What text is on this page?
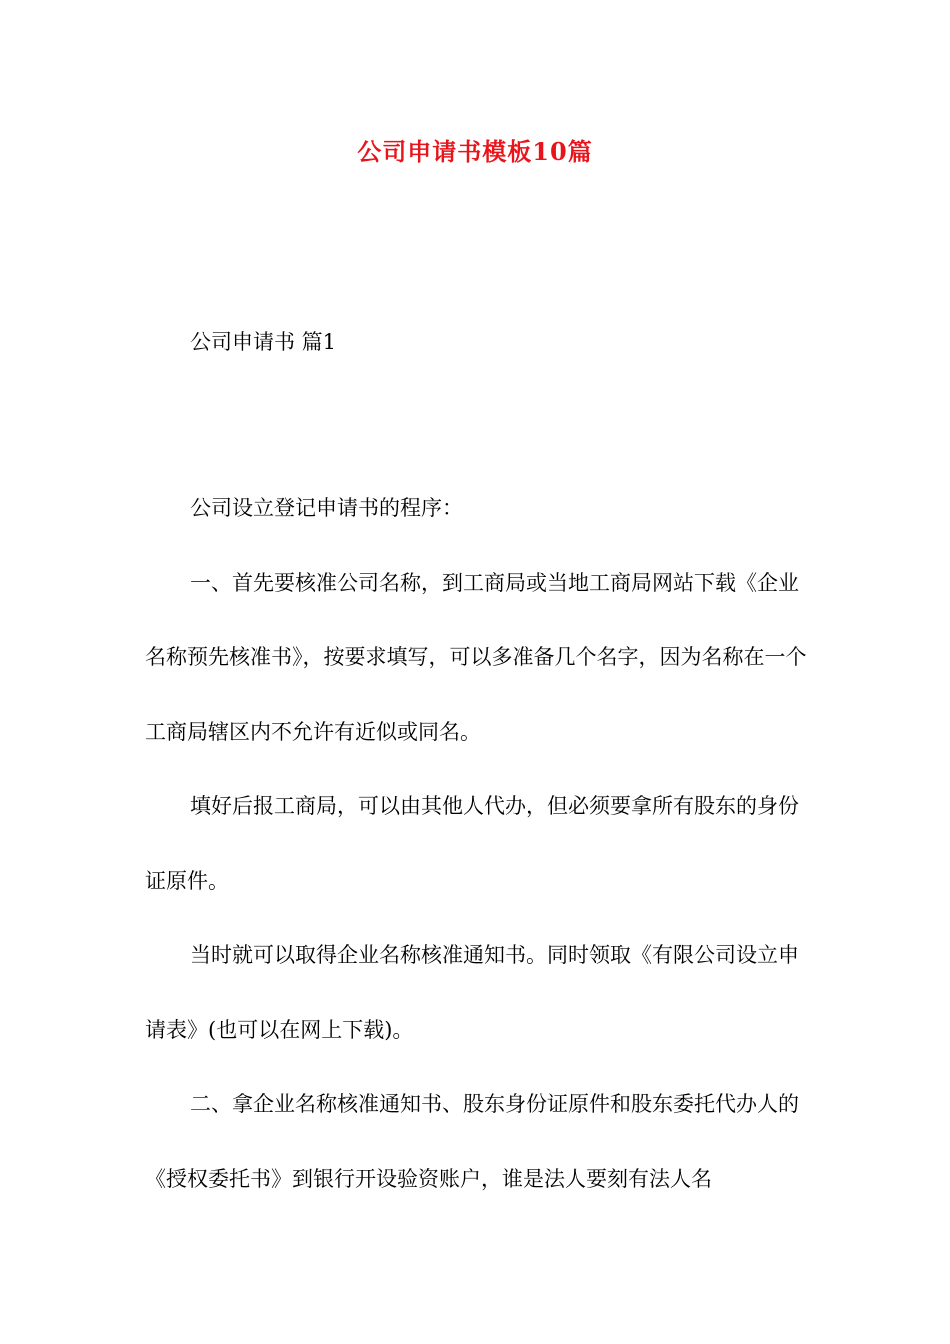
公司申请书模板10篇
公司申请书 篇1

公司设立登记申请书的程序：

一、首先要核准公司名称，到工商局或当地工商局网站下载《企业名称预先核准书》，按要求填写，可以多准备几个名字，因为名称在一个工商局辖区内不允许有近似或同名。

填好后报工商局，可以由其他人代办，但必须要拿所有股东的身份证原件。

当时就可以取得企业名称核准通知书。同时领取《有限公司设立申请表》(也可以在网上下载)。

二、拿企业名称核准通知书、股东身份证原件和股东委托代办人的《授权委托书》到银行开设验资账户，谁是法人要刻有法人名
